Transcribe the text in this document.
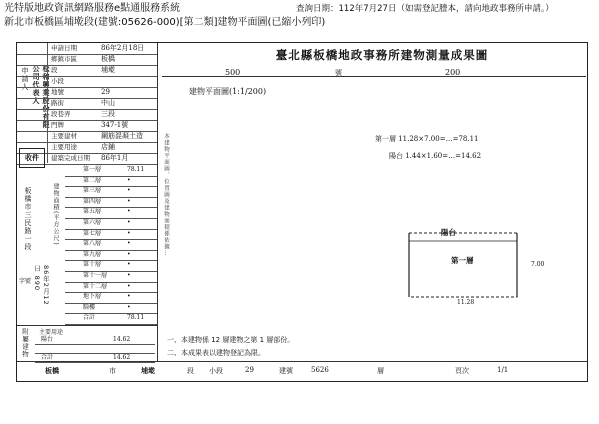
光特版地政資訊網路服務e點通服務系統
新北市板橋區埔墘段(建號:05626-000)[第二類]建物平面圖(已縮小列印)
查詢日期：112年7月27日（如需登記謄本，請向地政事務所申請。）
臺北縣板橋地政事務所建物測量成果圖
500	號	200
建物平面圖(1:1/200)
第一層 11.28×7.00=…=78.11
陽台 1.44×1.60=…=14.62
本建物平面圖、位置圖及建物面積係依據…	陽台
第一層	7.00
11.28
申請人	松和興業股份有限公司代表人
申請日期	86年2月18日
鄉鎮市區	板橋
段	埔墘
小段
地號	29
路街	中山
段巷弄	三段
門牌	347-1號
主要建材	鋼筋混凝土造
主要用途	店鋪
建築完成日期	86年1月
收件
板橋市三民路一段	建物面積(平方公尺)
第一層	78.11
第二層	•
第三層	•
第四層	•
第五層	•
第六層	•
第七層	•
第八層	•
第九層	•
第十層	•
第十一層	•
第十二層	•
地下層	•
騎樓	•
合計	78.11
字號	86年2月12日 890
附屬建物 主要用途
陽台	14.62
合計	14.62
一、本建物係 12 層建物之第 1 層部份。
二、本成果表以建物登記為限。
板橋	市	埔墘	段 小段	29	建號	5626	層	頁次	1/1
